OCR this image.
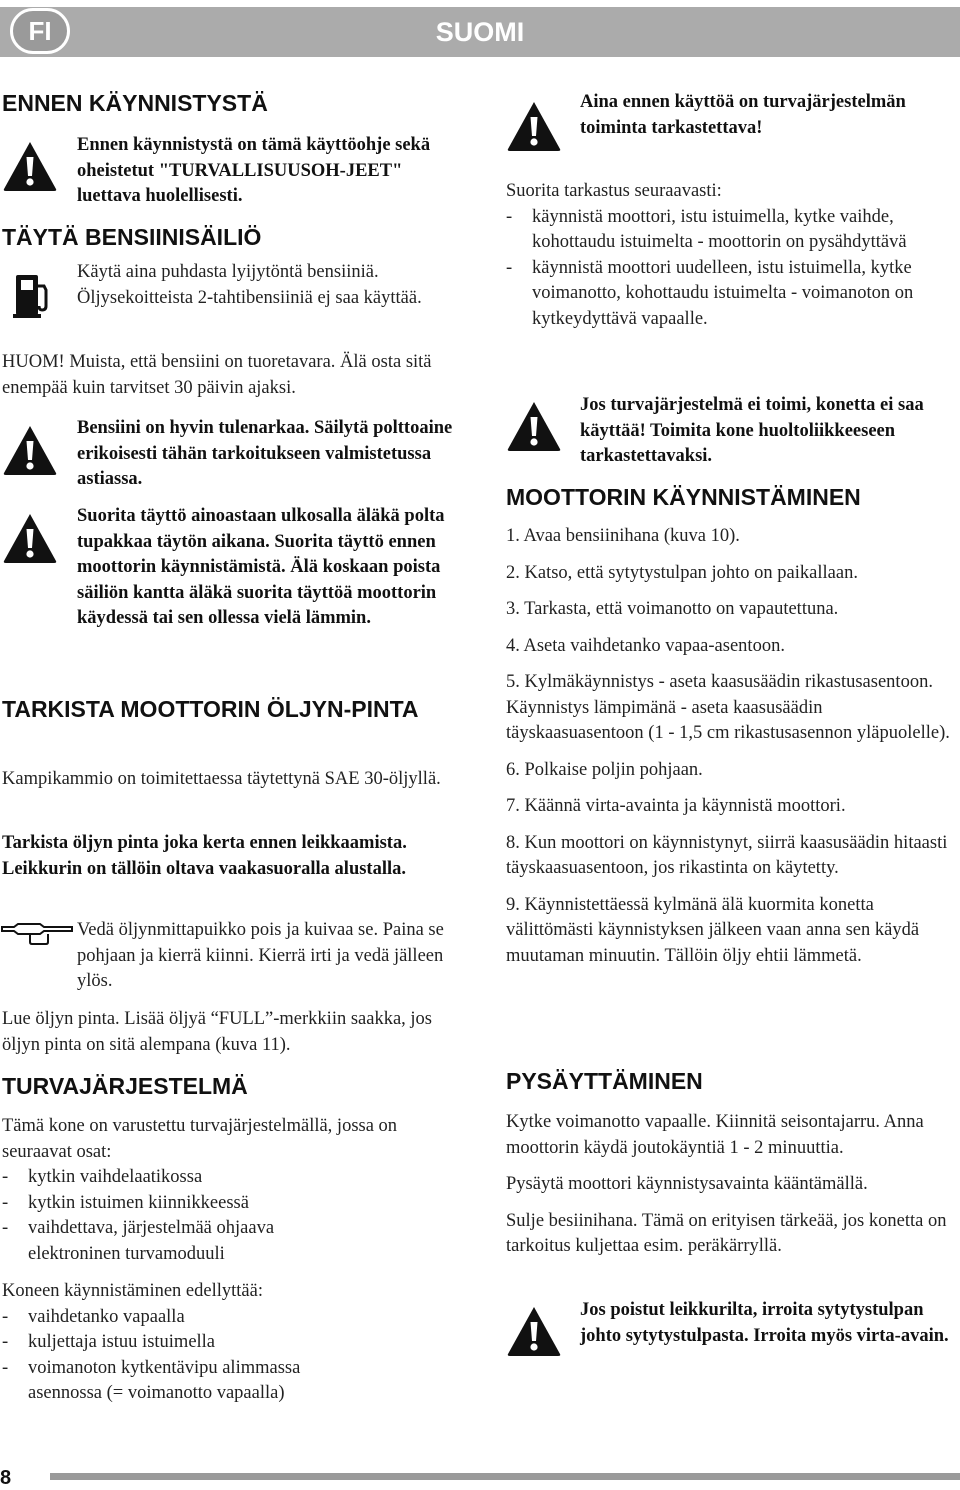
FI	SUOMI
ENNEN KÄYNNISTYSTÄ

Ennen käynnistystä on tämä käyttöohje sekä oheistetut "TURVALLISUUSOH-JEET" luettava huolellisesti.

TÄYTÄ BENSIINISÄILIÖ

Käytä aina puhdasta lyijytöntä bensiiniä. Öljysekoitteista 2-tahtibensiiniä ej saa käyttää.

HUOM! Muista, että bensiini on tuoretavara. Älä osta sitä enempää kuin tarvitset 30 päivin ajaksi.

Bensiini on hyvin tulenarkaa. Säilytä polttoaine erikoisesti tähän tarkoitukseen valmistetussa astiassa.

Suorita täyttö ainoastaan ulkosalla äläkä polta tupakkaa täytön aikana. Suorita täyttö ennen moottorin käynnistämistä. Älä koskaan poista säiliön kantta äläkä suorita täyttöä moottorin käydessä tai sen ollessa vielä lämmin.

TARKISTA MOOTTORIN ÖLJYN-PINTA

Kampikammio on toimitettaessa täytettynä SAE 30-öljyllä.

Tarkista öljyn pinta joka kerta ennen leikkaamista. Leikkurin on tällöin oltava vaakasuoralla alustalla.

Vedä öljynmittapuikko pois ja kuivaa se. Paina se pohjaan ja kierrä kiinni. Kierrä irti ja vedä jälleen ylös.

Lue öljyn pinta. Lisää öljyä “FULL”-merkkiin saakka, jos öljyn pinta on sitä alempana (kuva 11).

TURVAJÄRJESTELMÄ

Tämä kone on varustettu turvajärjestelmällä, jossa on seuraavat osat:

- kytkin vaihdelaatikossa
- kytkin istuimen kiinnikkeessä
- vaihdettava, järjestelmää ohjaava elektroninen turvamoduuli

Koneen käynnistäminen edellyttää:

- vaihdetanko vapaalla
- kuljettaja istuu istuimella
- voimanoton kytkentävipu alimmassa asennossa (= voimanotto vapaalla)

Aina ennen käyttöä on turvajärjestelmän toiminta tarkastettava!

Suorita tarkastus seuraavasti:

- käynnistä moottori, istu istuimella, kytke vaihde, kohottaudu istuimelta - moottorin on pysähdyttävä
- käynnistä moottori uudelleen, istu istuimella, kytke voimanotto, kohottaudu istuimelta - voimanoton on kytkeydyttävä vapaalle.

Jos turvajärjestelmä ei toimi, konetta ei saa käyttää! Toimita kone huoltoliikkeeseen tarkastettavaksi.

MOOTTORIN KÄYNNISTÄMINEN

1. Avaa bensiinihana (kuva 10).

2. Katso, että sytytystulpan johto on paikallaan.

3. Tarkasta, että voimanotto on vapautettuna.

4. Aseta vaihdetanko vapaa-asentoon.

5. Kylmäkäynnistys - aseta kaasusäädin rikastusasentoon. Käynnistys lämpimänä - aseta kaasusäädin täyskaasuasentoon (1 - 1,5 cm rikastusasennon yläpuolelle).

6. Polkaise poljin pohjaan.

7. Käännä virta-avainta ja käynnistä moottori.

8. Kun moottori on käynnistynyt, siirrä kaasusäädin hitaasti täyskaasuasentoon, jos rikastinta on käytetty.

9. Käynnistettäessä kylmänä älä kuormita konetta välittömästi käynnistyksen jälkeen vaan anna sen käydä muutaman minuutin. Tällöin öljy ehtii lämmetä.

PYSÄYTTÄMINEN

Kytke voimanotto vapaalle. Kiinnitä seisontajarru. Anna moottorin käydä joutokäyntiä 1 - 2 minuuttia.

Pysäytä moottori käynnistysavainta kääntämällä.

Sulje besiinihana. Tämä on erityisen tärkeää, jos konetta on tarkoitus kuljettaa esim. peräkärryllä.

Jos poistut leikkurilta, irroita sytytystulpan johto sytytystulpasta. Irroita myös virta-avain.

8
